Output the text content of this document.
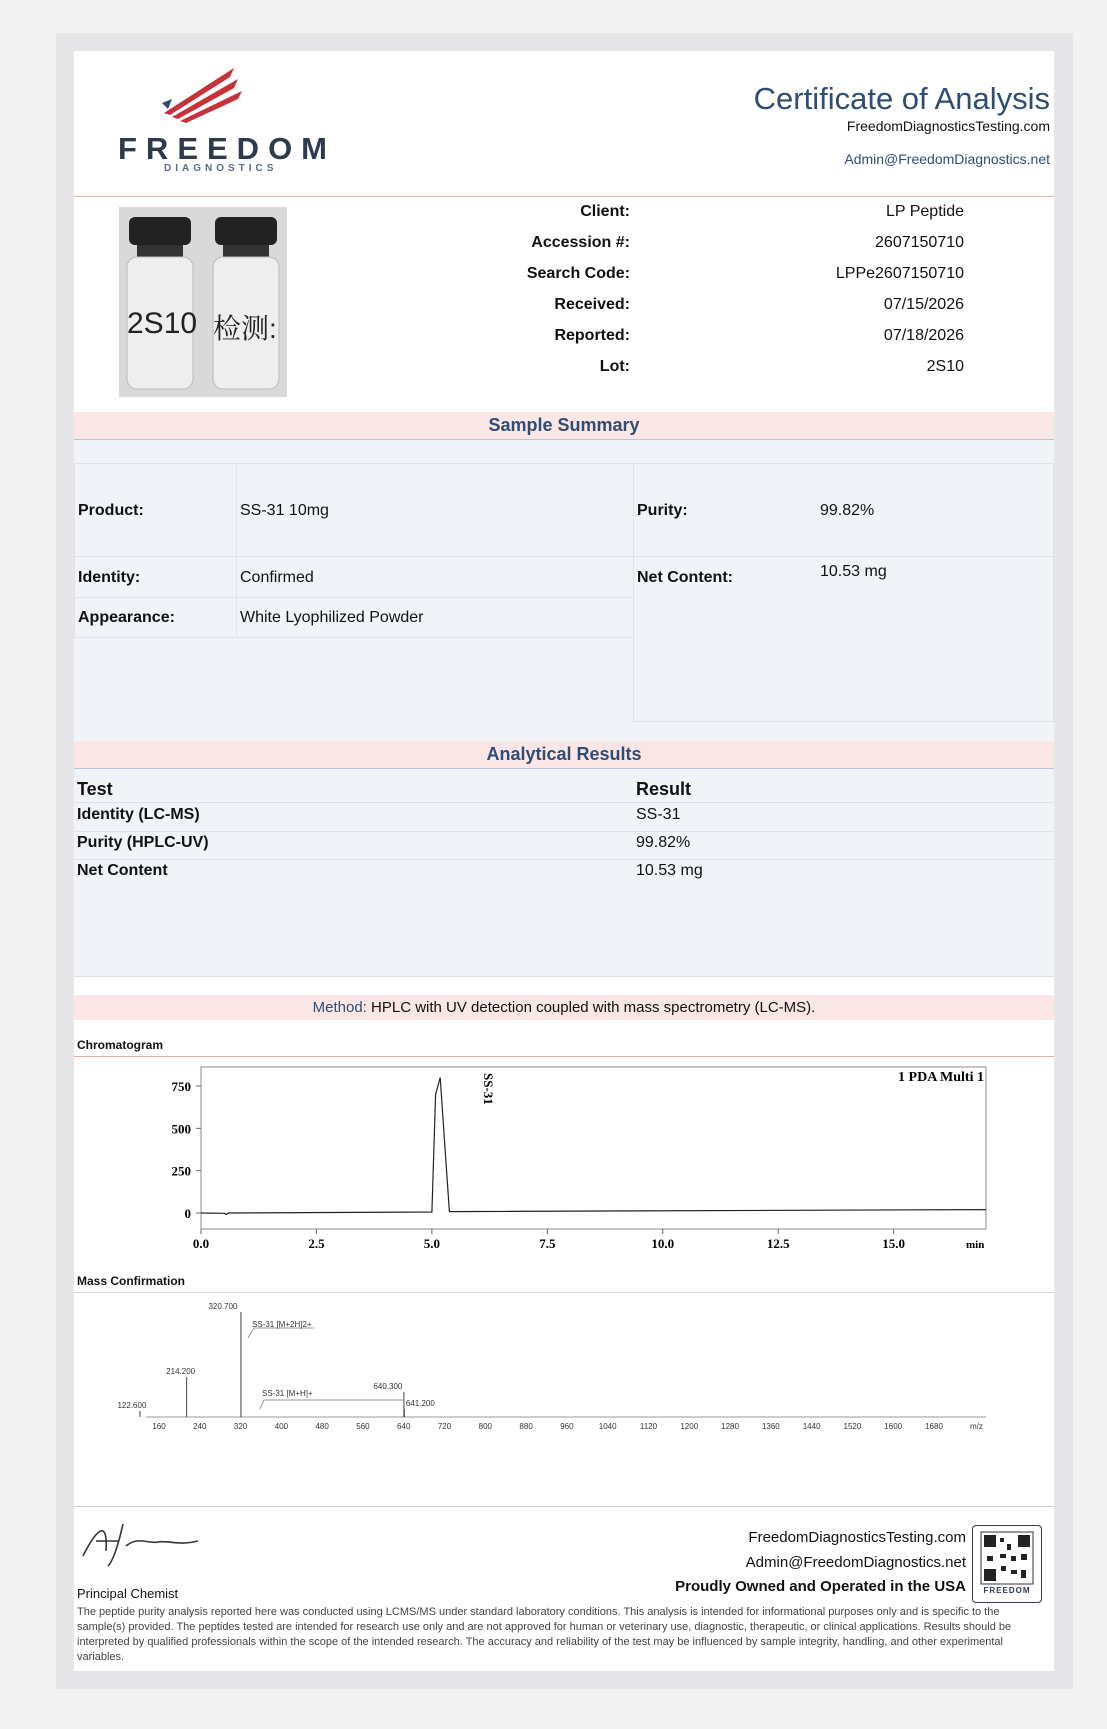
FREEDOM
DIAGNOSTICS
Certificate of Analysis
FreedomDiagnosticsTesting.com
Admin@FreedomDiagnostics.net
2S10 检测:
Client:	LP Peptide
Accession #:	2607150710
Search Code:	LPPe2607150710
Received:	07/15/2026
Reported:	07/18/2026
Lot:	2S10
Sample Summary
Product:	SS-31 10mg
Identity:	Confirmed
Appearance:	White Lyophilized Powder
Purity:	99.82%
Net Content:	10.53 mg
Analytical Results
Test	Result
Identity (LC-MS)	SS-31
Purity (HPLC-UV)	99.82%
Net Content	10.53 mg
Method: HPLC with UV detection coupled with mass spectrometry (LC-MS).
Chromatogram
750
500
250
0
0.0	2.5	5.0	7.5	10.0	12.5	15.0
1 PDA Multi 1
SS-31
min
Mass Confirmation
122.600
214.200
320.700
640.300
641.200
160	240	320	400	480	560	640	720	800	880	960	1040	1120	1200	1280	1360	1440	1520	1600	1680
SS-31 [M+2H]2+
SS-31 [M+H]+
m/z
Principal Chemist
FreedomDiagnosticsTesting.com
Admin@FreedomDiagnostics.net
Proudly Owned and Operated in the USA	FREEDOM
The peptide purity analysis reported here was conducted using LCMS/MS under standard laboratory conditions. This analysis is intended for informational purposes only and is specific to the sample(s) provided. The peptides tested are intended for research use only and are not approved for human or veterinary use, diagnostic, therapeutic, or clinical applications. Results should be interpreted by qualified professionals within the scope of the intended research. The accuracy and reliability of the test may be influenced by sample integrity, handling, and other experimental variables.
